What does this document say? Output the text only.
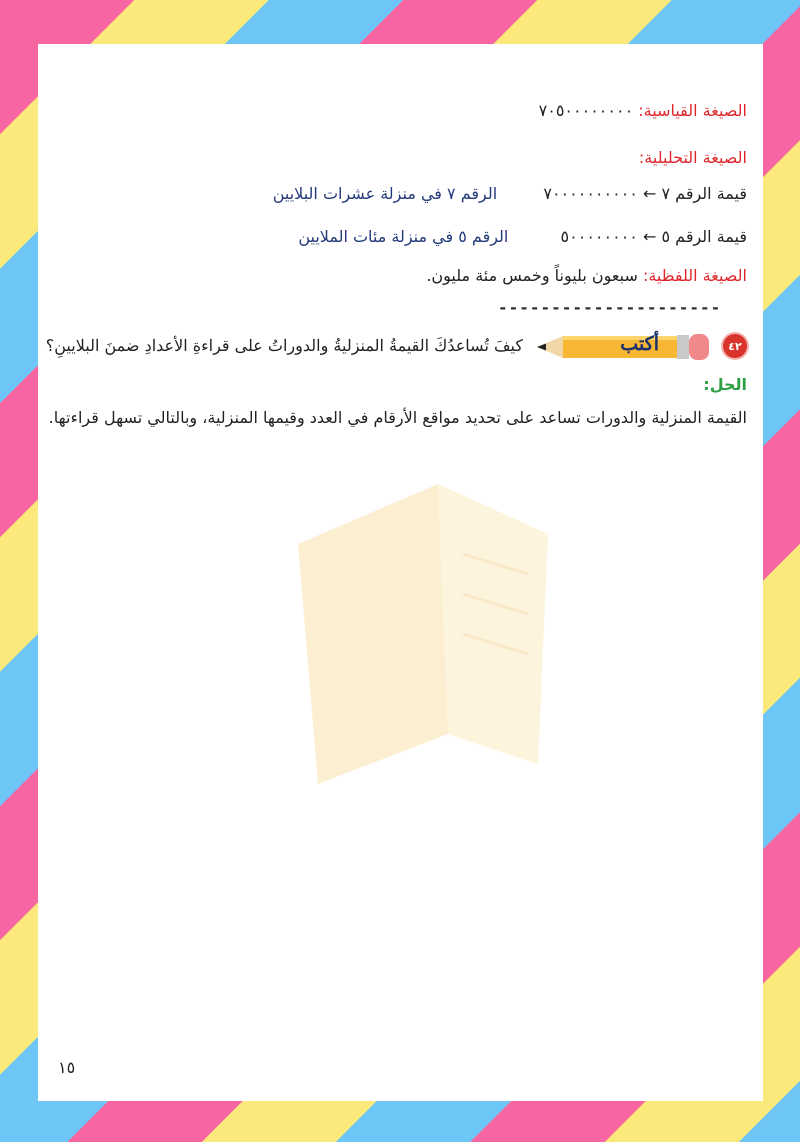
الصيغة القياسية: ٧٠٥٠٠٠٠٠٠٠٠
الصيغة التحليلية:
قيمة الرقم ٧ ← ٧٠٠٠٠٠٠٠٠٠٠  الرقم ٧ في منزلة عشرات البلايين
قيمة الرقم ٥ ← ٥٠٠٠٠٠٠٠٠  الرقم ٥ في منزلة مئات الملايين
الصيغة اللفظية: سبعون بليوناً وخمس مئة مليون.
---------------------
٤٢
أكتب
كيفَ تُساعدُكَ القيمةُ المنزليةُ والدوراتُ على قراءةِ الأعدادِ ضمنَ البلايينِ؟
الحل:
القيمة المنزلية والدورات تساعد على تحديد مواقع الأرقام في العدد وقيمها المنزلية، وبالتالي تسهل قراءتها.
١٥
